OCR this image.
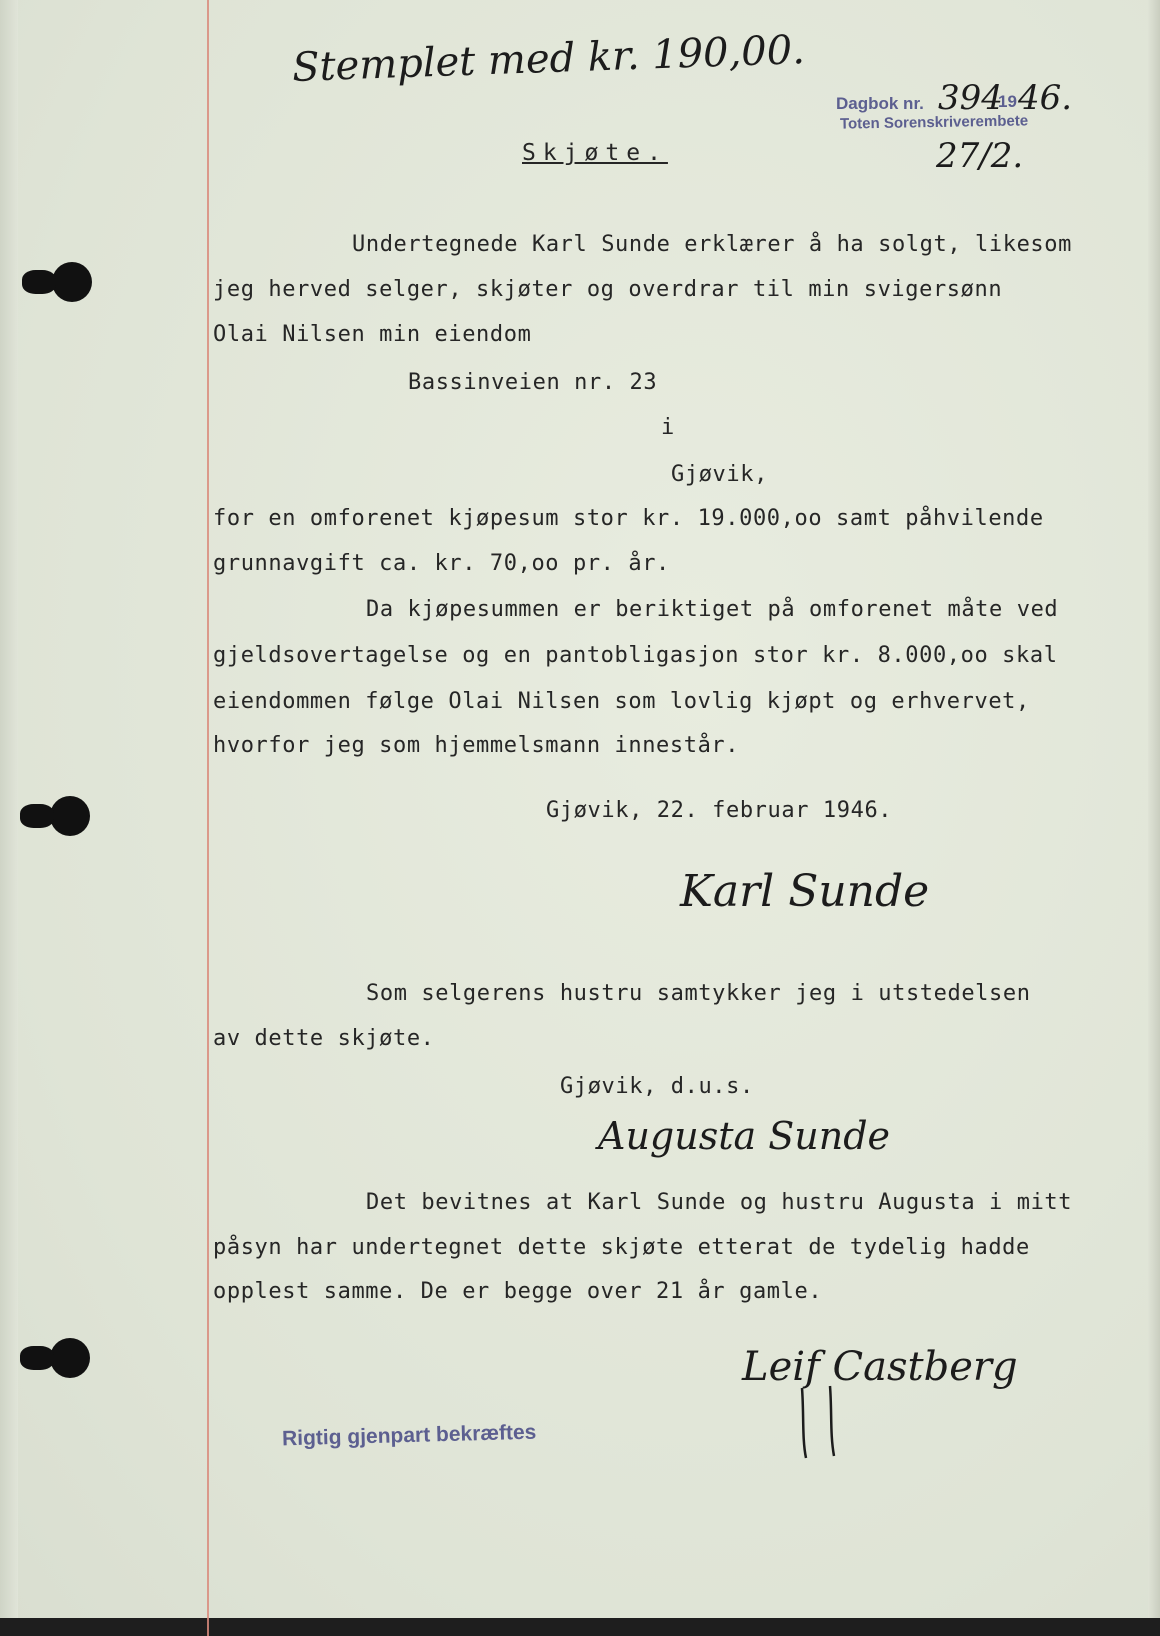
Stemplet med kr. 190,00.
Dagbok nr. 394
19 46.
Toten Sorenskriverembete
27/2.

Skjøte.

Undertegnede Karl Sunde erklærer å ha solgt, likesom

jeg herved selger, skjøter og overdrar til min svigersønn

Olai Nilsen min eiendom

Bassinveien nr. 23

i

Gjøvik,

for en omforenet kjøpesum stor kr. 19.000,oo samt påhvilende

grunnavgift ca. kr. 70,oo pr. år.

Da kjøpesummen er beriktiget på omforenet måte ved

gjeldsovertagelse og en pantobligasjon stor kr. 8.000,oo skal

eiendommen følge Olai Nilsen som lovlig kjøpt og erhvervet,

hvorfor jeg som hjemmelsmann innestår.

Gjøvik, 22. februar 1946.

Karl Sunde

Som selgerens hustru samtykker jeg i utstedelsen

av dette skjøte.

Gjøvik, d.u.s.

Augusta Sunde

Det bevitnes at Karl Sunde og hustru Augusta i mitt

påsyn har undertegnet dette skjøte etterat de tydelig hadde

opplest samme. De er begge over 21 år gamle.

Leif Castberg
Rigtig gjenpart bekræftes
